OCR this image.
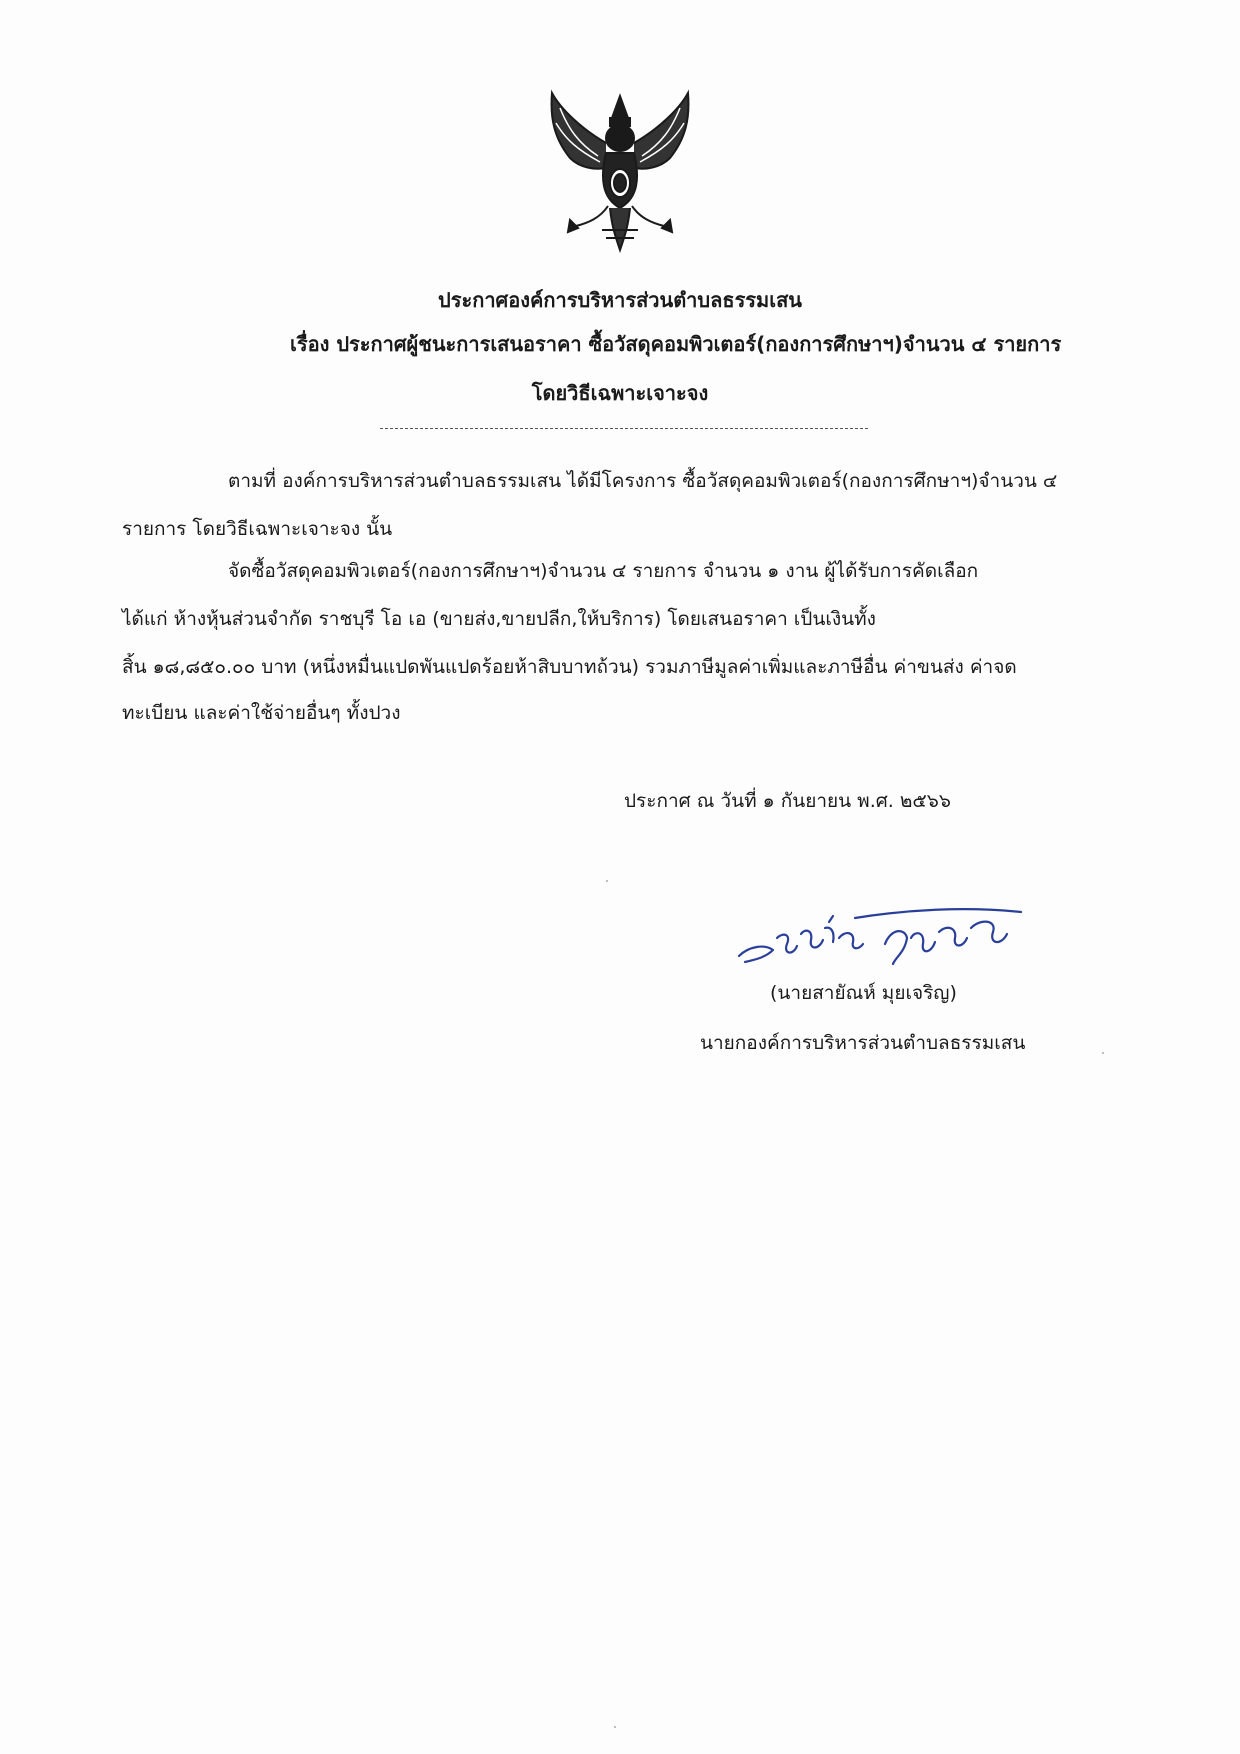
ประกาศองค์การบริหารส่วนตำบลธรรมเสน
เรื่อง ประกาศผู้ชนะการเสนอราคา ซื้อวัสดุคอมพิวเตอร์(กองการศึกษาฯ)จำนวน ๔ รายการ
โดยวิธีเฉพาะเจาะจง
ตามที่ องค์การบริหารส่วนตำบลธรรมเสน ได้มีโครงการ ซื้อวัสดุคอมพิวเตอร์(กองการศึกษาฯ)จำนวน ๔
รายการ โดยวิธีเฉพาะเจาะจง นั้น
จัดซื้อวัสดุคอมพิวเตอร์(กองการศึกษาฯ)จำนวน ๔ รายการ จำนวน ๑ งาน ผู้ได้รับการคัดเลือก
ได้แก่ ห้างหุ้นส่วนจำกัด ราชบุรี โอ เอ (ขายส่ง,ขายปลีก,ให้บริการ) โดยเสนอราคา เป็นเงินทั้ง
สิ้น ๑๘,๘๕๐.๐๐ บาท (หนึ่งหมื่นแปดพันแปดร้อยห้าสิบบาทถ้วน) รวมภาษีมูลค่าเพิ่มและภาษีอื่น ค่าขนส่ง ค่าจด
ทะเบียน และค่าใช้จ่ายอื่นๆ ทั้งปวง
ประกาศ ณ วันที่ ๑ กันยายน พ.ศ. ๒๕๖๖
(นายสายัณห์ มุยเจริญ)
นายกองค์การบริหารส่วนตำบลธรรมเสน
